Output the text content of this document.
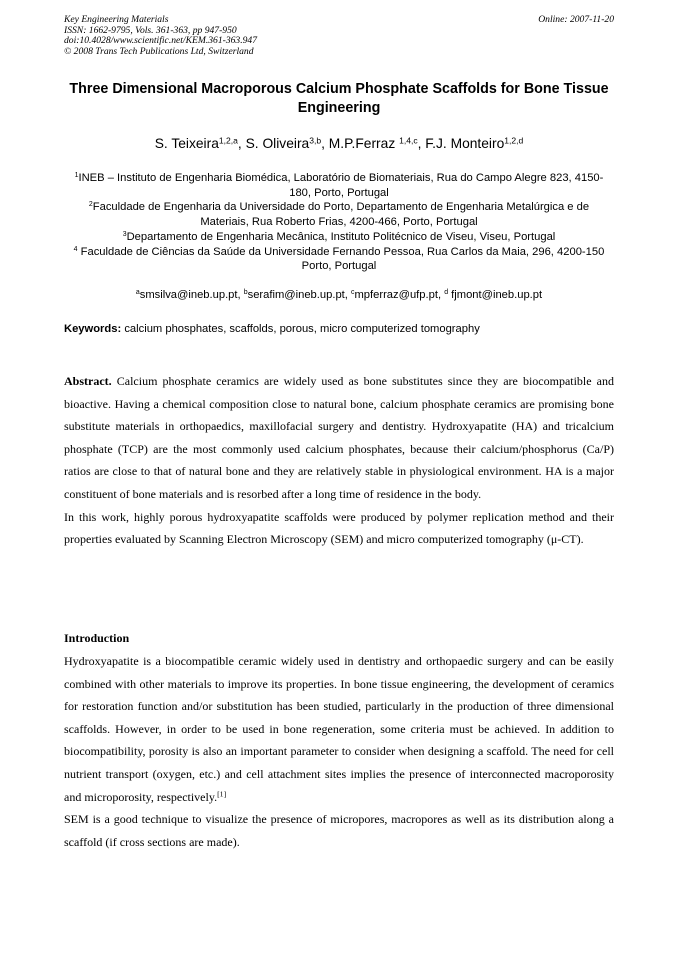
Key Engineering Materials
ISSN: 1662-9795, Vols. 361-363, pp 947-950
doi:10.4028/www.scientific.net/KEM.361-363.947
© 2008 Trans Tech Publications Ltd, Switzerland
Online: 2007-11-20
Three Dimensional Macroporous Calcium Phosphate Scaffolds for Bone Tissue Engineering
S. Teixeira$^{1,2,a}$, S. Oliveira$^{3,b}$, M.P.Ferraz $^{1,4,c}$, F.J. Monteiro$^{1,2,d}$
$^1$INEB – Instituto de Engenharia Biomédica, Laboratório de Biomateriais, Rua do Campo Alegre 823, 4150-180, Porto, Portugal
$^2$Faculdade de Engenharia da Universidade do Porto, Departamento de Engenharia Metalúrgica e de Materiais, Rua Roberto Frias, 4200-466, Porto, Portugal
$^3$Departamento de Engenharia Mecânica, Instituto Politécnico de Viseu, Viseu, Portugal
$^4$ Faculdade de Ciências da Saúde da Universidade Fernando Pessoa, Rua Carlos da Maia, 296, 4200-150 Porto, Portugal
$^a$smsilva@ineb.up.pt, $^b$serafim@ineb.up.pt, $^c$mpferraz@ufp.pt, $^d$ fjmont@ineb.up.pt
Keywords: calcium phosphates, scaffolds, porous, micro computerized tomography

Abstract. Calcium phosphate ceramics are widely used as bone substitutes since they are biocompatible and bioactive. Having a chemical composition close to natural bone, calcium phosphate ceramics are promising bone substitute materials in orthopaedics, maxillofacial surgery and dentistry. Hydroxyapatite (HA) and tricalcium phosphate (TCP) are the most commonly used calcium phosphates, because their calcium/phosphorus (Ca/P) ratios are close to that of natural bone and they are relatively stable in physiological environment. HA is a major constituent of bone materials and is resorbed after a long time of residence in the body.

In this work, highly porous hydroxyapatite scaffolds were produced by polymer replication method and their properties evaluated by Scanning Electron Microscopy (SEM) and micro computerized tomography (μ-CT).

Introduction

Hydroxyapatite is a biocompatible ceramic widely used in dentistry and orthopaedic surgery and can be easily combined with other materials to improve its properties. In bone tissue engineering, the development of ceramics for restoration function and/or substitution has been studied, particularly in the production of three dimensional scaffolds. However, in order to be used in bone regeneration, some criteria must be achieved. In addition to biocompatibility, porosity is also an important parameter to consider when designing a scaffold. The need for cell nutrient transport (oxygen, etc.) and cell attachment sites implies the presence of interconnected macroporosity and microporosity, respectively.[1]

SEM is a good technique to visualize the presence of micropores, macropores as well as its distribution along a scaffold (if cross sections are made).
